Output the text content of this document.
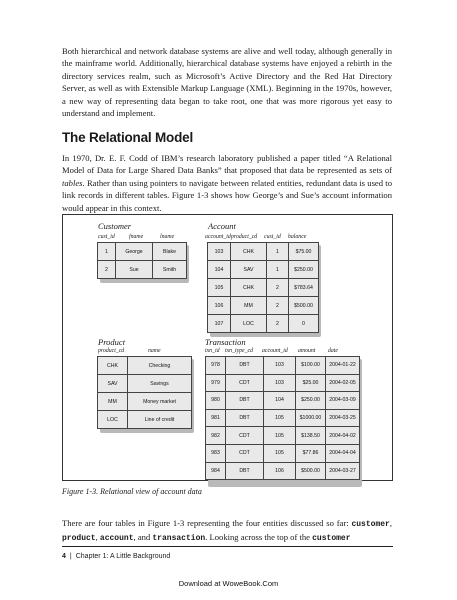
Both hierarchical and network database systems are alive and well today, although generally in the mainframe world. Additionally, hierarchical database systems have enjoyed a rebirth in the directory services realm, such as Microsoft’s Active Directory and the Red Hat Directory Server, as well as with Extensible Markup Language (XML). Beginning in the 1970s, however, a new way of representing data began to take root, one that was more rigorous yet easy to understand and implement.

The Relational Model

In 1970, Dr. E. F. Codd of IBM’s research laboratory published a paper titled “A Relational Model of Data for Large Shared Data Banks” that proposed that data be represented as sets of tables. Rather than using pointers to navigate between related entities, redundant data is used to link records in different tables. Figure 1-3 shows how George’s and Sue’s account information would appear in this context.

Customer
cust_id fname	lname
1	George	Blake
2	Sue	Smith
Account
account_id product_cd cust_id balance
103	CHK	1	$75.00
104	SAV	1	$250.00
105	CHK	2	$783.64
106	MM	2	$500.00
107	LOC	2	0
Product
product_cd	name
CHK	Checking
SAV	Savings
MM	Money market
LOC	Line of credit
Transaction
txn_id txn_type_cd account_id amount date
978	DBT	103	$100.00	2004-01-22
979	CDT	103	$25.00	2004-02-05
980	DBT	104	$250.00	2004-03-09
981	DBT	105	$1000.00	2004-03-25
982	CDT	105	$138.50	2004-04-02
983	CDT	105	$77.86	2004-04-04
984	DBT	106	$500.00	2004-03-27

Figure 1-3. Relational view of account data

There are four tables in Figure 1-3 representing the four entities discussed so far: customer, product, account, and transaction. Looking across the top of the customer

4 | Chapter 1: A Little Background

Download at WoweBook.Com
